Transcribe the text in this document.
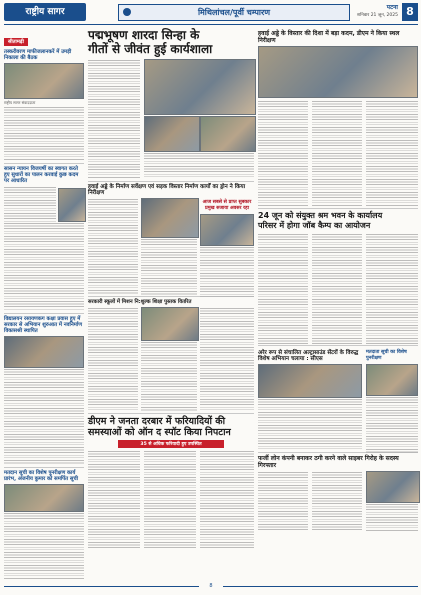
राष्ट्रीय सागर	मिथिलांचल/पूर्वी चम्पारण
पटना
शनिवार 21 जून, 2025 8
सीतामढ़ी
तस्करीवरण माफीजलानकरें में उमड़ी निकाला की बैठक
राष्ट्रीय सागर संवाददाता
सासन न्यायन विजयर्षी का स्वागत करते हुए सुधारों का पालन करवाई कुछ कदम पर आधारित
विद्यालयन रसायणकग कक्षा प्रवास हुए में सरकार से अभियान शुरुआत में नवनिर्माण विकासश्री स्थापित
मतदान सूची का विशेष पुनरीक्षण कार्य प्रारंभ, अंजनीय कुमार को समर्पित सूची
पद्मभूषण शारदा सिन्हा के
गीतों से जीवंत हुई कार्यशाला
हवाई अड्डे के निर्माण सर्वेक्षण एवं सड़क विस्तार निर्माण कार्यों का ड्रोन ने किया निरीक्षण
आज सबसे से प्राप्त सुबकार प्रमुख सजाया अवसर रहा
सरकारी स्कूलों में मिशन नि:शुल्क शिक्षा पुस्तक वितरित
डीएम ने जनता दरबार में फरियादियों की
समस्याओं को ऑन द स्पॉट किया निपटान
35 से अधिक फरियादी हुए उपस्थित
हवाई अड्डे के विस्तार की दिशा में बड़ा कदम, डीएम ने किया स्थल निरीक्षण
24 जून को संयुक्त श्रम भवन के कार्यालय
परिसर में होगा जॉब कैम्प का आयोजन
अरेर रूप से संचालित अल्ट्रासाउंड सेंटरों के विरुद्ध विशेष अभियान चलाया : सीएस
मतदाता सूची का विशेष पुनरीक्षण
फर्जी लोन कंपनी बनाकर ठगी करने वाले साइबर गिरोह के सदस्य गिरफ्तार
8
